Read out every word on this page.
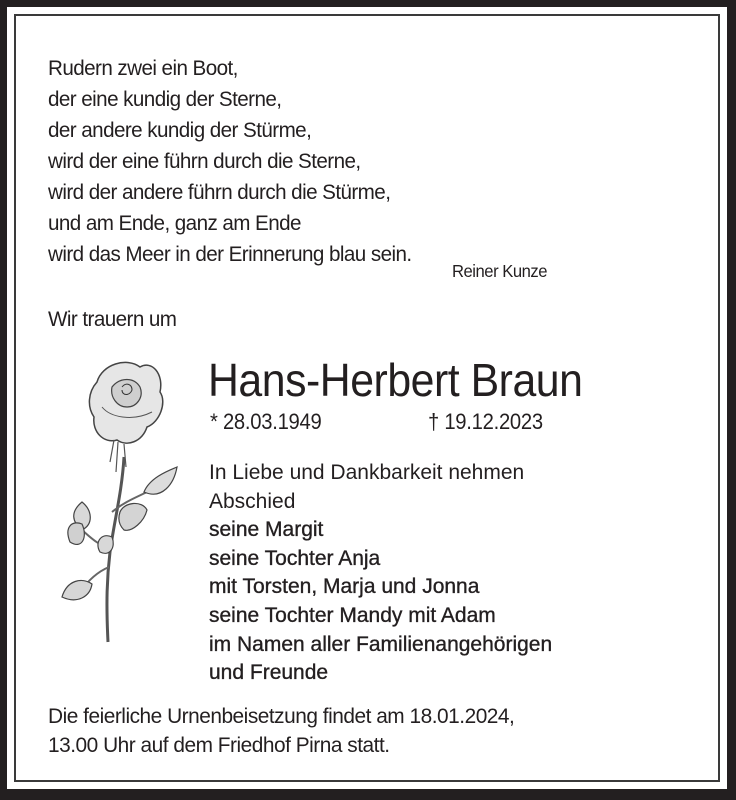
Rudern zwei ein Boot,
der eine kundig der Sterne,
der andere kundig der Stürme,
wird der eine führn durch die Sterne,
wird der andere führn durch die Stürme,
und am Ende, ganz am Ende
wird das Meer in der Erinnerung blau sein.
Reiner Kunze
Wir trauern um
Hans-Herbert Braun
* 28.03.1949	† 19.12.2023
In Liebe und Dankbarkeit nehmen
Abschied
seine Margit
seine Tochter Anja
mit Torsten, Marja und Jonna
seine Tochter Mandy mit Adam
im Namen aller Familienangehörigen
und Freunde
Die feierliche Urnenbeisetzung findet am 18.01.2024,
13.00 Uhr auf dem Friedhof Pirna statt.
